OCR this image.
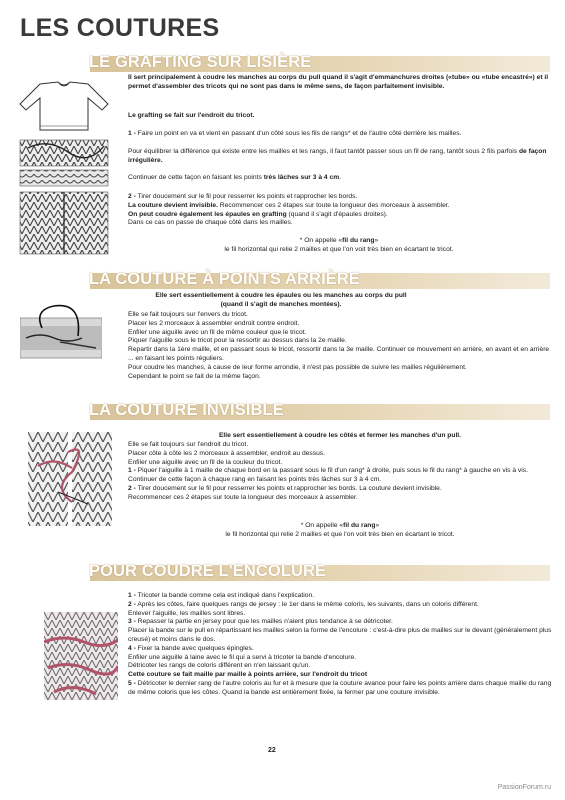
LES COUTURES
LE GRAFTING SUR LISIÈRE

Il sert principalement à coudre les manches au corps du pull quand il s'agit d'emmanchures droites («tube» ou «tube encastré») et il permet d'assembler des tricots qui ne sont pas dans le même sens, de façon parfaitement invisible.

Le grafting se fait sur l'endroit du tricot.

1 - Faire un point en va et vient en passant d'un côté sous les fils de rangs* et de l'autre côté derrière les mailles.

Pour équilibrer la différence qui existe entre les mailles et les rangs, il faut tantôt passer sous un fil de rang, tantôt sous 2 fils parfois de façon irrégulière.

Continuer de cette façon en faisant les points très lâches sur 3 à 4 cm.

2 - Tirer doucement sur le fil pour resserrer les points et rapprocher les bords.

La couture devient invisible. Recommencer ces 2 étapes sur toute la longueur des morceaux à assembler.

On peut coudre également les épaules en grafting (quand il s'agit d'épaules droites).

Dans ce cas on passe de chaque côté dans les mailles.

* On appelle «fil du rang»

le fil horizontal qui relie 2 mailles et que l'on voit très bien en écartant le tricot.

LA COUTURE À POINTS ARRIÈRE

Elle sert essentiellement à coudre les épaules ou les manches au corps du pull

(quand il s'agit de manches montées).

Elle se fait toujours sur l'envers du tricot.

Placer les 2 morceaux à assembler endroit contre endroit.

Enfiler une aiguille avec un fil de même couleur que le tricot.

Piquer l'aiguille sous le tricot pour la ressortir au dessus dans la 2e maille.

Repartir dans la 1ère maille, et en passant sous le tricot, ressortir dans la 3e maille. Continuer ce mouvement en arrière, en avant et en arrière ... en faisant les points réguliers.

Pour coudre les manches, à cause de leur forme arrondie, il n'est pas possible de suivre les mailles régulièrement.

Cependant le point se fait de la même façon.

LA COUTURE INVISIBLE

Elle sert essentiellement à coudre les côtés et fermer les manches d'un pull.

Elle se fait toujours sur l'endroit du tricot.

Placer côte à côte les 2 morceaux à assembler, endroit au dessus.

Enfiler une aiguille avec un fil de la couleur du tricot.

1 - Piquer l'aiguille à 1 maille de chaque bord en la passant sous le fil d'un rang* à droite, puis sous le fil du rang* à gauche en vis à vis.

Continuer de cette façon à chaque rang en faisant les points très lâches sur 3 à 4 cm.

2 - Tirer doucement sur le fil pour resserrer les points et rapprocher les bords. La couture devient invisible.

Recommencer ces 2 étapes sur toute la longueur des morceaux à assembler.

* On appelle «fil du rang»

le fil horizontal qui relie 2 mailles et que l'on voit très bien en écartant le tricot.

POUR COUDRE L'ENCOLURE

1 - Tricoter la bande comme cela est indiqué dans l'explication.

2 - Après les côtes, faire quelques rangs de jersey : le 1er dans le même coloris, les suivants, dans un coloris différent.

Enlever l'aiguille, les mailles sont libres.

3 - Repasser la partie en jersey pour que les mailles n'aient plus tendance à se détricoter.

Placer la bande sur le pull en répartissant les mailles selon la forme de l'encolure : c'est-à-dire plus de mailles sur le devant (généralement plus creusé) et moins dans le dos.

4 - Fixer la bande avec quelques épingles.

Enfiler une aiguille à laine avec le fil qui a servi à tricoter la bande d'encolure.

Détricoter les rangs de coloris différent en n'en laissant qu'un.

Cette couture se fait maille par maille à points arrière, sur l'endroit du tricot

5 - Détricoter le dernier rang de l'autre coloris au fur et à mesure que la couture avance pour faire les points arrière dans chaque maille du rang de même coloris que les côtes. Quand la bande est entièrement fixée, la fermer par une couture invisible.

22
PassionForum.ru
